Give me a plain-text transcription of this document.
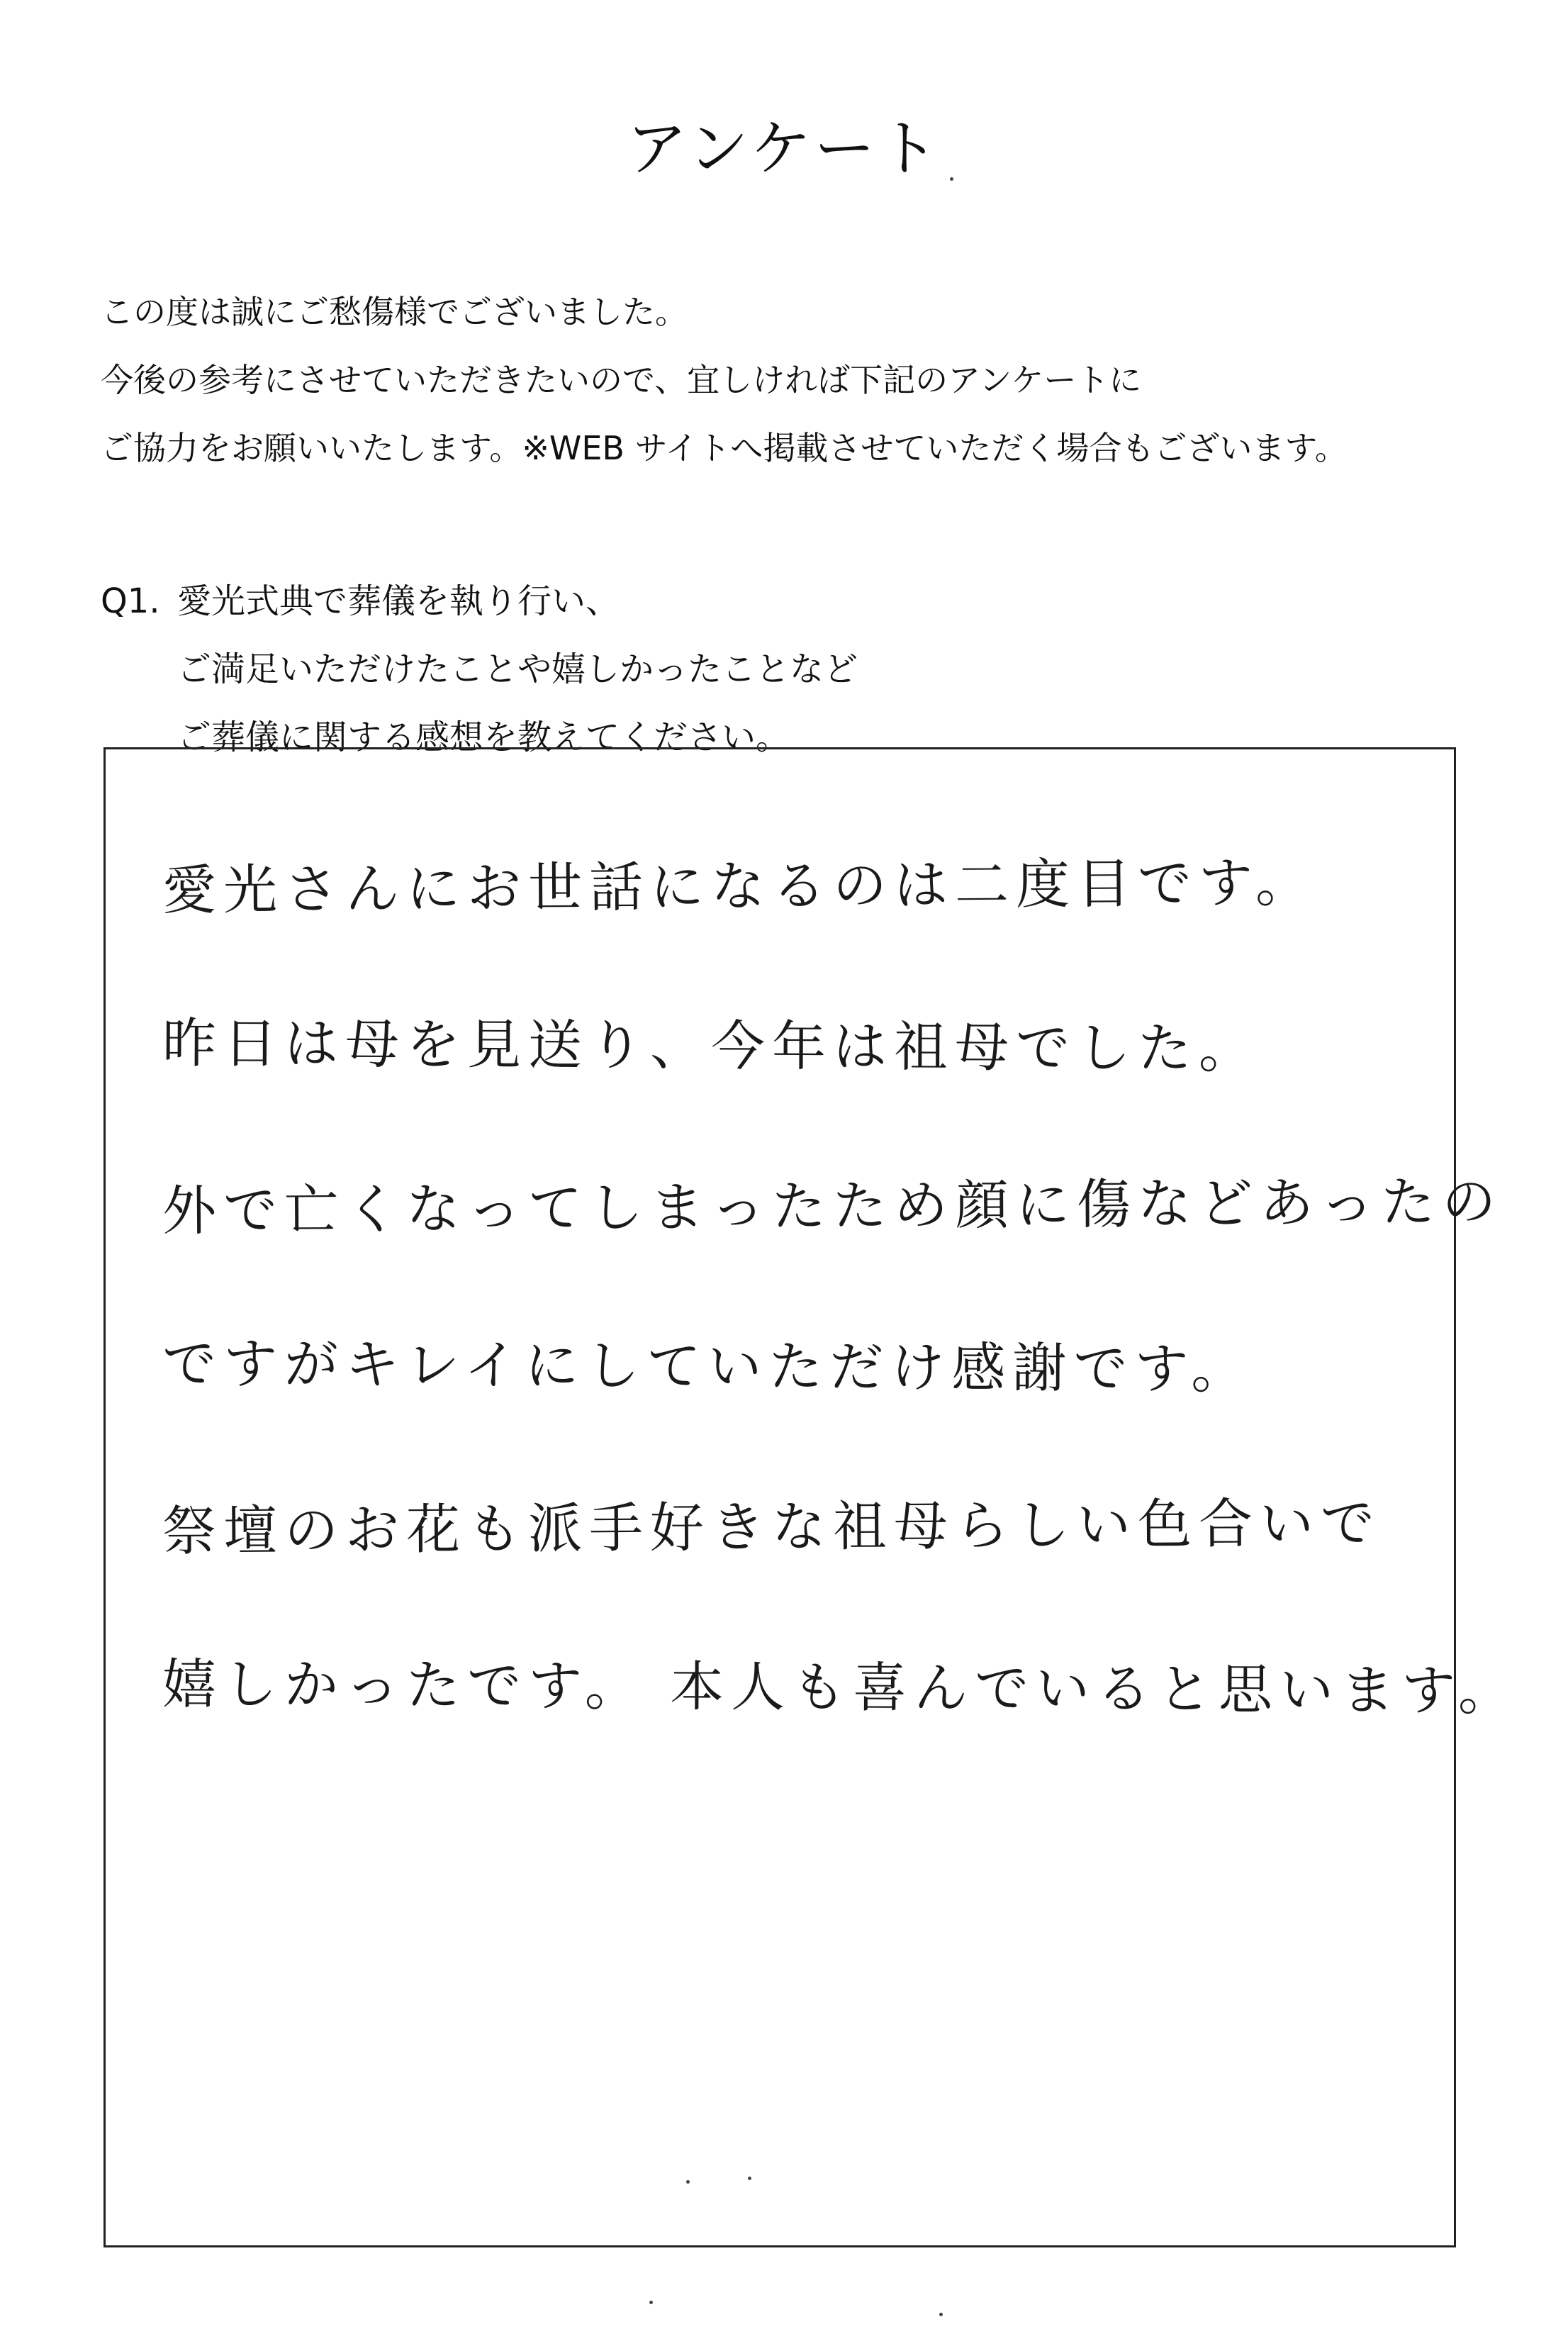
アンケート

この度は誠にご愁傷様でございました。

今後の参考にさせていただきたいので、宜しければ下記のアンケートに

ご協力をお願いいたします。※WEB サイトへ掲載させていただく場合もございます。

Q1. 愛光式典で葬儀を執り行い、
ご満足いただけたことや嬉しかったことなど
ご葬儀に関する感想を教えてください。

愛光さんにお世話になるのは二度目です。

昨日は母を見送り、今年は祖母でした。

外で亡くなってしまったため顔に傷などあったの

ですがキレイにしていただけ感謝です。

祭壇のお花も派手好きな祖母らしい色合いで

嬉しかったです。 本人も喜んでいると思います。
